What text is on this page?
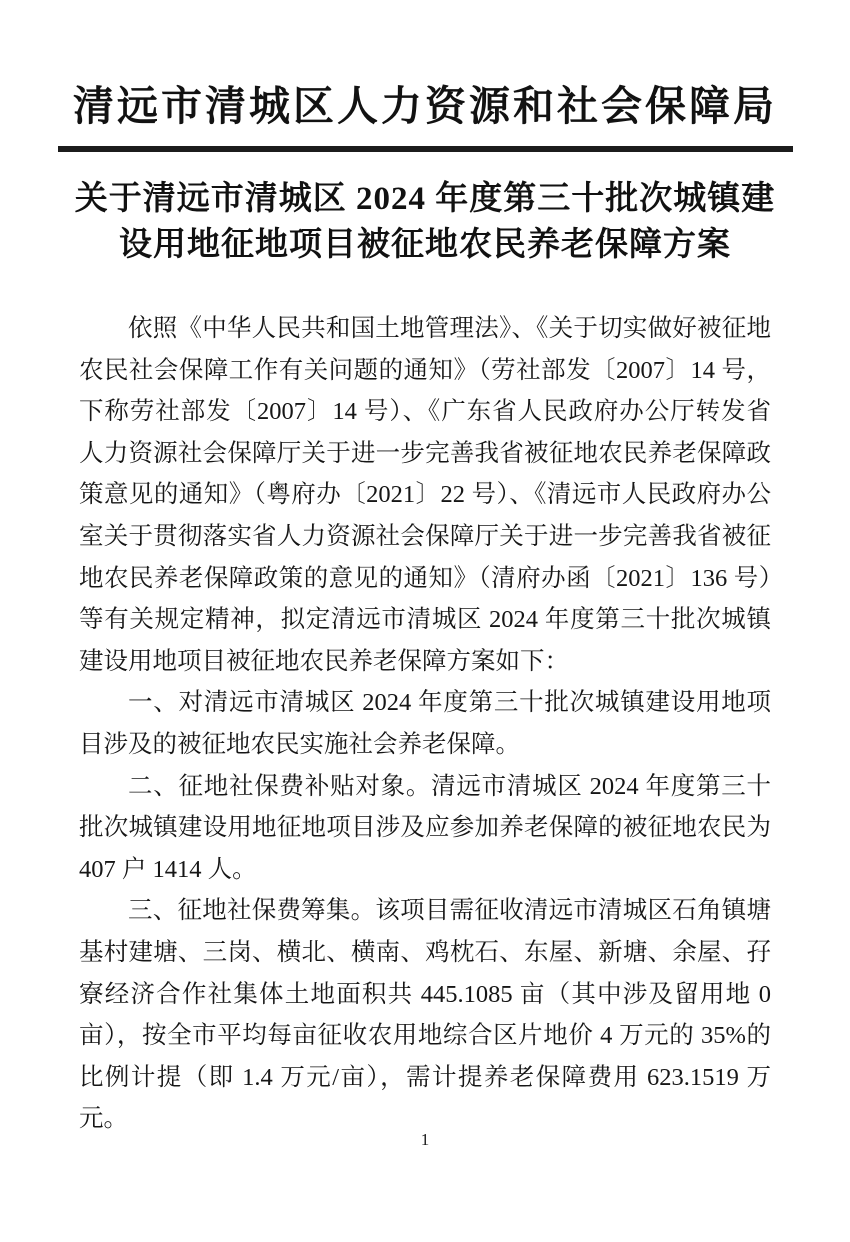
清远市清城区人力资源和社会保障局
关于清远市清城区 2024 年度第三十批次城镇建
设用地征地项目被征地农民养老保障方案

依照《中华人民共和国土地管理法》、《关于切实做好被征地农民社会保障工作有关问题的通知》（劳社部发〔2007〕14 号，下称劳社部发〔2007〕14 号）、《广东省人民政府办公厅转发省人力资源社会保障厅关于进一步完善我省被征地农民养老保障政策意见的通知》（粤府办〔2021〕22 号）、《清远市人民政府办公室关于贯彻落实省人力资源社会保障厅关于进一步完善我省被征地农民养老保障政策的意见的通知》（清府办函〔2021〕136 号）等有关规定精神，拟定清远市清城区 2024 年度第三十批次城镇建设用地项目被征地农民养老保障方案如下：

一、对清远市清城区 2024 年度第三十批次城镇建设用地项目涉及的被征地农民实施社会养老保障。

二、征地社保费补贴对象。清远市清城区 2024 年度第三十批次城镇建设用地征地项目涉及应参加养老保障的被征地农民为 407 户 1414 人。

三、征地社保费筹集。该项目需征收清远市清城区石角镇塘基村建塘、三岗、横北、横南、鸡枕石、东屋、新塘、余屋、孖寮经济合作社集体土地面积共 445.1085 亩（其中涉及留用地 0 亩），按全市平均每亩征收农用地综合区片地价 4 万元的 35%的比例计提（即 1.4 万元/亩），需计提养老保障费用 623.1519 万元。

1
